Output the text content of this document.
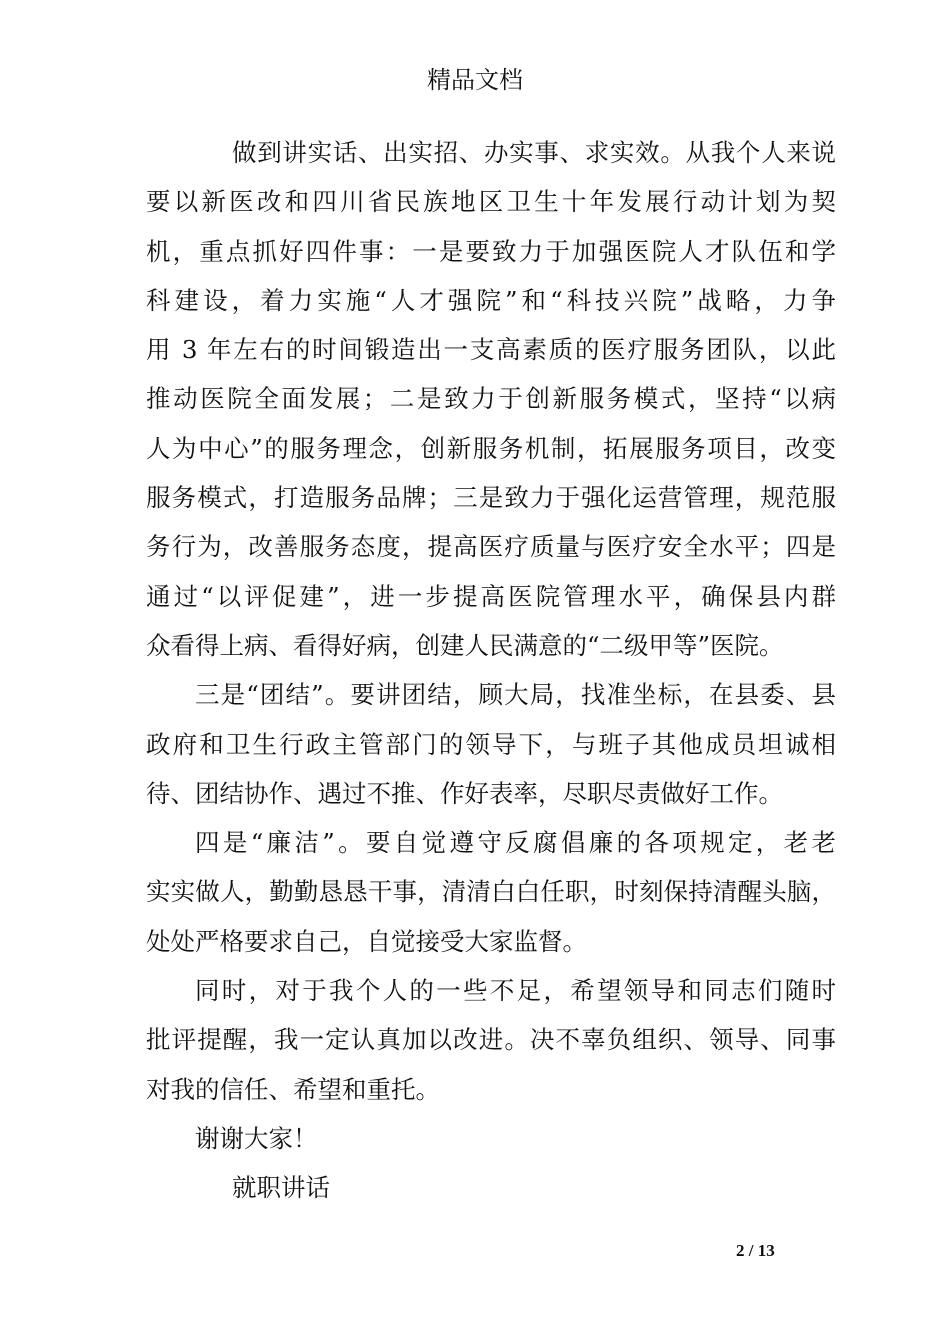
精品文档
做到讲实话、出实招、办实事、求实效。从我个人来说
要以新医改和四川省民族地区卫生十年发展行动计划为契
机，重点抓好四件事：一是要致力于加强医院人才队伍和学
科建设，着力实施“人才强院”和“科技兴院”战略，力争
用 3 年左右的时间锻造出一支高素质的医疗服务团队，以此
推动医院全面发展；二是致力于创新服务模式，坚持“以病
人为中心”的服务理念，创新服务机制，拓展服务项目，改变
服务模式，打造服务品牌；三是致力于强化运营管理，规范服
务行为，改善服务态度，提高医疗质量与医疗安全水平；四是
通过“以评促建”，进一步提高医院管理水平，确保县内群
众看得上病、看得好病，创建人民满意的“二级甲等”医院。
三是“团结”。要讲团结，顾大局，找准坐标，在县委、县
政府和卫生行政主管部门的领导下，与班子其他成员坦诚相
待、团结协作、遇过不推、作好表率，尽职尽责做好工作。
四是“廉洁”。要自觉遵守反腐倡廉的各项规定，老老
实实做人，勤勤恳恳干事，清清白白任职，时刻保持清醒头脑，
处处严格要求自己，自觉接受大家监督。
同时，对于我个人的一些不足，希望领导和同志们随时
批评提醒，我一定认真加以改进。决不辜负组织、领导、同事
对我的信任、希望和重托。
谢谢大家！
就职讲话
2 / 13
